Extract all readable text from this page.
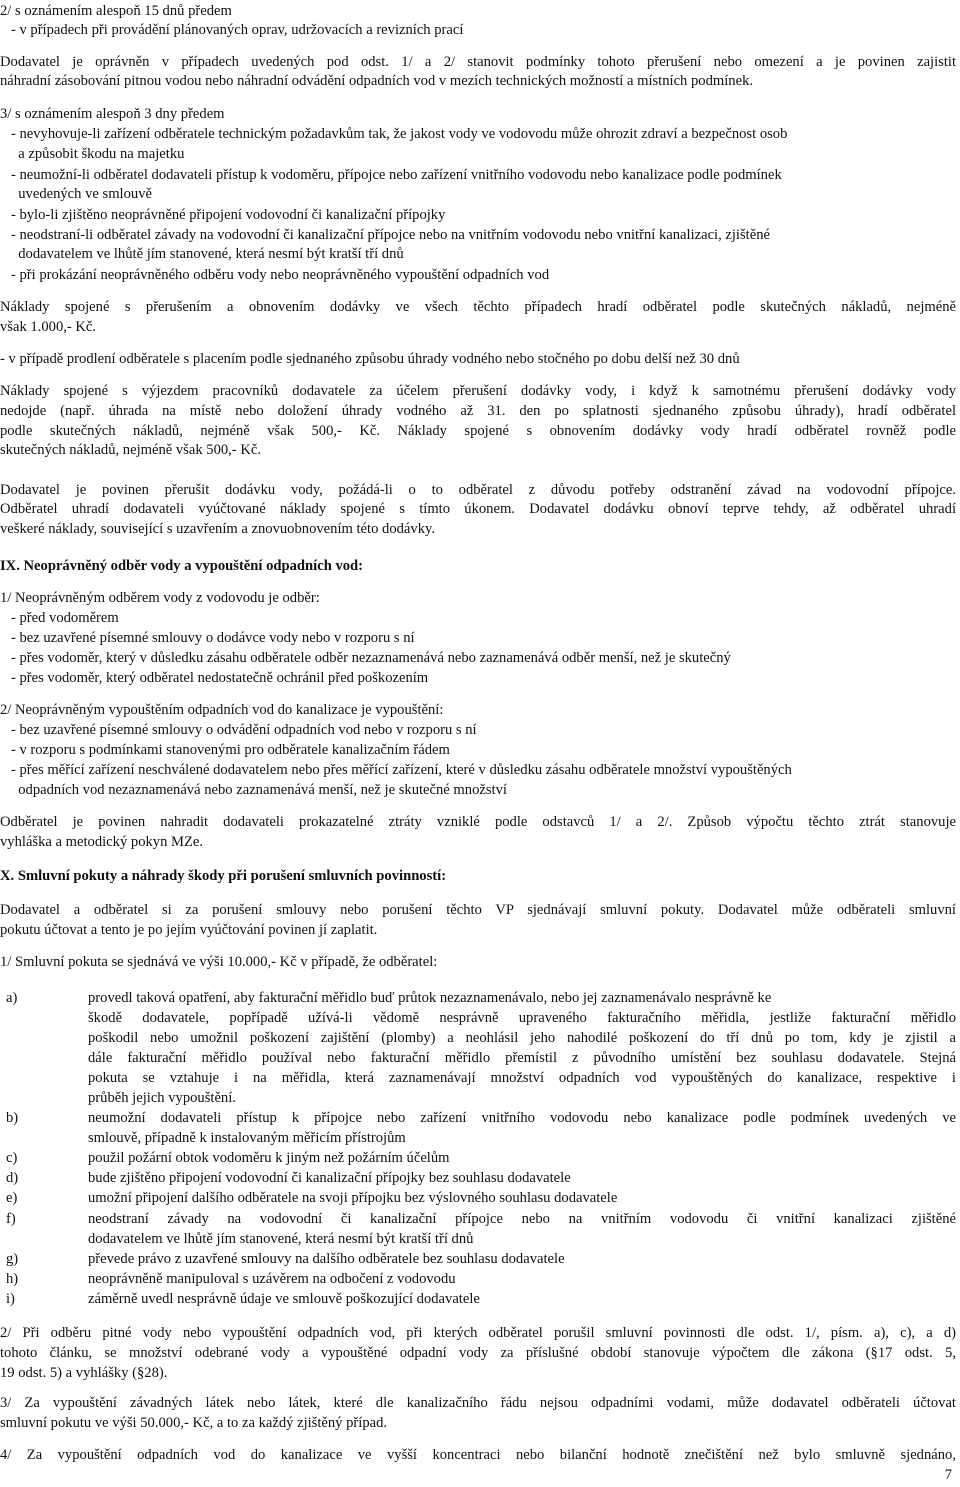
2/ s oznámením alespoň 15 dnů předem
- v případech při provádění plánovaných oprav, udržovacích a revizních prací
Dodavatel je oprávněn v případech uvedených pod odst. 1/ a 2/ stanovit podmínky tohoto přerušení nebo omezení a je povinen zajistit
náhradní zásobování pitnou vodou nebo náhradní odvádění odpadních vod v mezích technických možností a místních podmínek.
3/ s oznámením alespoň 3 dny předem
- nevyhovuje-li zařízení odběratele technickým požadavkům tak, že jakost vody ve vodovodu může ohrozit zdraví a bezpečnost osob
a způsobit škodu na majetku
- neumožní-li odběratel dodavateli přístup k vodoměru, přípojce nebo zařízení vnitřního vodovodu nebo kanalizace podle podmínek
uvedených ve smlouvě
- bylo-li zjištěno neoprávněné připojení vodovodní či kanalizační přípojky
- neodstraní-li odběratel závady na vodovodní či kanalizační přípojce nebo na vnitřním vodovodu nebo vnitřní kanalizaci, zjištěné
dodavatelem ve lhůtě jím stanovené, která nesmí být kratší tří dnů
- při prokázání neoprávněného odběru vody nebo neoprávněného vypouštění odpadních vod
Náklady spojené s přerušením a obnovením dodávky ve všech těchto případech hradí odběratel podle skutečných nákladů, nejméně
však 1.000,- Kč.
- v případě prodlení odběratele s placením podle sjednaného způsobu úhrady vodného nebo stočného po dobu delší než 30 dnů
Náklady spojené s výjezdem pracovníků dodavatele za účelem přerušení dodávky vody, i když k samotnému přerušení dodávky vody
nedojde (např. úhrada na místě nebo doložení úhrady vodného až 31. den po splatnosti sjednaného způsobu úhrady), hradí odběratel
podle skutečných nákladů, nejméně však 500,- Kč. Náklady spojené s obnovením dodávky vody hradí odběratel rovněž podle
skutečných nákladů, nejméně však 500,- Kč.
Dodavatel je povinen přerušit dodávku vody, požádá-li o to odběratel z důvodu potřeby odstranění závad na vodovodní přípojce.
Odběratel uhradí dodavateli vyúčtované náklady spojené s tímto úkonem. Dodavatel dodávku obnoví teprve tehdy, až odběratel uhradí
veškeré náklady, související s uzavřením a znovuobnovením této dodávky.
IX. Neoprávněný odběr vody a vypouštění odpadních vod:
1/ Neoprávněným odběrem vody z vodovodu je odběr:
- před vodoměrem
- bez uzavřené písemné smlouvy o dodávce vody nebo v rozporu s ní
- přes vodoměr, který v důsledku zásahu odběratele odběr nezaznamenává nebo zaznamenává odběr menší, než je skutečný
- přes vodoměr, který odběratel nedostatečně ochránil před poškozením
2/ Neoprávněným vypouštěním odpadních vod do kanalizace je vypouštění:
- bez uzavřené písemné smlouvy o odvádění odpadních vod nebo v rozporu s ní
- v rozporu s podmínkami stanovenými pro odběratele kanalizačním řádem
- přes měřící zařízení neschválené dodavatelem nebo přes měřící zařízení, které v důsledku zásahu odběratele množství vypouštěných
odpadních vod nezaznamenává nebo zaznamenává menší, než je skutečné množství
Odběratel je povinen nahradit dodavateli prokazatelné ztráty vzniklé podle odstavců 1/ a 2/. Způsob výpočtu těchto ztrát stanovuje
vyhláška a metodický pokyn MZe.
X. Smluvní pokuty a náhrady škody při porušení smluvních povinností:
Dodavatel a odběratel si za porušení smlouvy nebo porušení těchto VP sjednávají smluvní pokuty. Dodavatel může odběrateli smluvní
pokutu účtovat a tento je po jejím vyúčtování povinen jí zaplatit.
1/ Smluvní pokuta se sjednává ve výši 10.000,- Kč v případě, že odběratel:
a)	provedl taková opatření, aby fakturační měřidlo buď průtok nezaznamenávalo, nebo jej zaznamenávalo nesprávně ke
škodě dodavatele, popřípadě užívá-li vědomě nesprávně upraveného fakturačního měřidla, jestliže fakturační měřidlo
poškodil nebo umožnil poškození zajištění (plomby) a neohlásil jeho nahodilé poškození do tří dnů po tom, kdy je zjistil a
dále fakturační měřidlo používal nebo fakturační měřidlo přemístil z původního umístění bez souhlasu dodavatele. Stejná
pokuta se vztahuje i na měřidla, která zaznamenávají množství odpadních vod vypouštěných do kanalizace, respektive i
průběh jejich vypouštění.
b)	neumožní dodavateli přístup k přípojce nebo zařízení vnitřního vodovodu nebo kanalizace podle podmínek uvedených ve
smlouvě, případně k instalovaným měřicím přístrojům
c)	použil požární obtok vodoměru k jiným než požárním účelům
d)	bude zjištěno připojení vodovodní či kanalizační přípojky bez souhlasu dodavatele
e)	umožní připojení dalšího odběratele na svoji přípojku bez výslovného souhlasu dodavatele
f)	neodstraní závady na vodovodní či kanalizační přípojce nebo na vnitřním vodovodu či vnitřní kanalizaci zjištěné
dodavatelem ve lhůtě jím stanovené, která nesmí být kratší tří dnů
g)	převede právo z uzavřené smlouvy na dalšího odběratele bez souhlasu dodavatele
h)	neoprávněně manipuloval s uzávěrem na odbočení z vodovodu
i)	záměrně uvedl nesprávně údaje ve smlouvě poškozující dodavatele
2/ Při odběru pitné vody nebo vypouštění odpadních vod, při kterých odběratel porušil smluvní povinnosti dle odst. 1/, písm. a), c), a d)
tohoto článku, se množství odebrané vody a vypouštěné odpadní vody za příslušné období stanovuje výpočtem dle zákona (§17 odst. 5,
19 odst. 5) a vyhlášky (§28).
3/ Za vypouštění závadných látek nebo látek, které dle kanalizačního řádu nejsou odpadními vodami, může dodavatel odběrateli účtovat
smluvní pokutu ve výši 50.000,- Kč, a to za každý zjištěný případ.
4/ Za vypouštění odpadních vod do kanalizace ve vyšší koncentraci nebo bilanční hodnotě znečištění než bylo smluvně sjednáno,
7
